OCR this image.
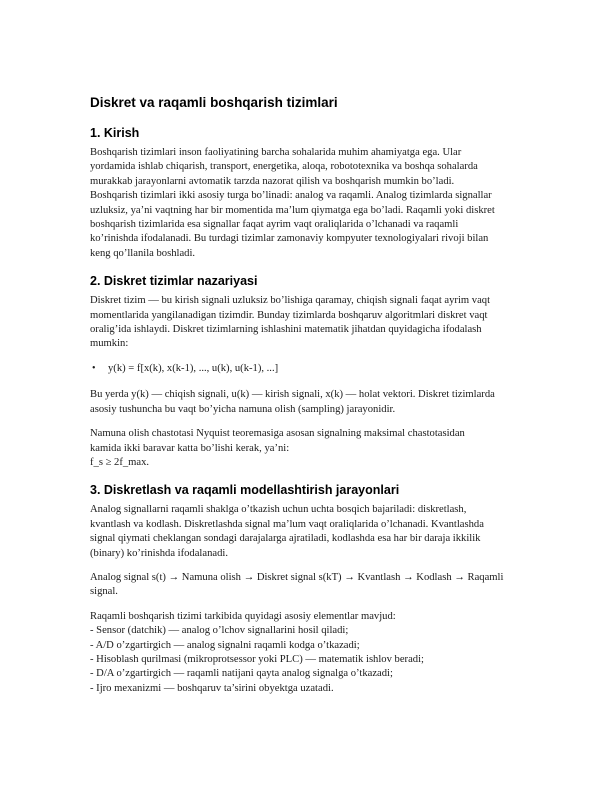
Diskret va raqamli boshqarish tizimlari
1. Kirish
Boshqarish tizimlari inson faoliyatining barcha sohalarida muhim ahamiyatga ega. Ular
yordamida ishlab chiqarish, transport, energetika, aloqa, robototexnika va boshqa sohalarda
murakkab jarayonlarni avtomatik tarzda nazorat qilish va boshqarish mumkin bo’ladi.
Boshqarish tizimlari ikki asosiy turga bo’linadi: analog va raqamli. Analog tizimlarda signallar
uzluksiz, ya’ni vaqtning har bir momentida ma’lum qiymatga ega bo’ladi. Raqamli yoki diskret
boshqarish tizimlarida esa signallar faqat ayrim vaqt oraliqlarida o’lchanadi va raqamli
ko’rinishda ifodalanadi. Bu turdagi tizimlar zamonaviy kompyuter texnologiyalari rivoji bilan
keng qo’llanila boshladi.
2. Diskret tizimlar nazariyasi
Diskret tizim — bu kirish signali uzluksiz bo’lishiga qaramay, chiqish signali faqat ayrim vaqt
momentlarida yangilanadigan tizimdir. Bunday tizimlarda boshqaruv algoritmlari diskret vaqt
oralig’ida ishlaydi. Diskret tizimlarning ishlashini matematik jihatdan quyidagicha ifodalash
mumkin:
•	y(k) = f[x(k), x(k-1), ..., u(k), u(k-1), ...]
Bu yerda y(k) — chiqish signali, u(k) — kirish signali, x(k) — holat vektori. Diskret tizimlarda
asosiy tushuncha bu vaqt bo’yicha namuna olish (sampling) jarayonidir.
Namuna olish chastotasi Nyquist teoremasiga asosan signalning maksimal chastotasidan
kamida ikki baravar katta bo’lishi kerak, ya’ni:
f_s ≥ 2f_max.
3. Diskretlash va raqamli modellashtirish jarayonlari
Analog signallarni raqamli shaklga o’tkazish uchun uchta bosqich bajariladi: diskretlash,
kvantlash va kodlash. Diskretlashda signal ma’lum vaqt oraliqlarida o’lchanadi. Kvantlashda
signal qiymati cheklangan sondagi darajalarga ajratiladi, kodlashda esa har bir daraja ikkilik
(binary) ko’rinishda ifodalanadi.
Analog signal s(t) → Namuna olish → Diskret signal s(kT) → Kvantlash → Kodlash → Raqamli
signal.
Raqamli boshqarish tizimi tarkibida quyidagi asosiy elementlar mavjud:
- Sensor (datchik) — analog o’lchov signallarini hosil qiladi;
- A/D o’zgartirgich — analog signalni raqamli kodga o’tkazadi;
- Hisoblash qurilmasi (mikroprotsessor yoki PLC) — matematik ishlov beradi;
- D/A o’zgartirgich — raqamli natijani qayta analog signalga o’tkazadi;
- Ijro mexanizmi — boshqaruv ta’sirini obyektga uzatadi.
